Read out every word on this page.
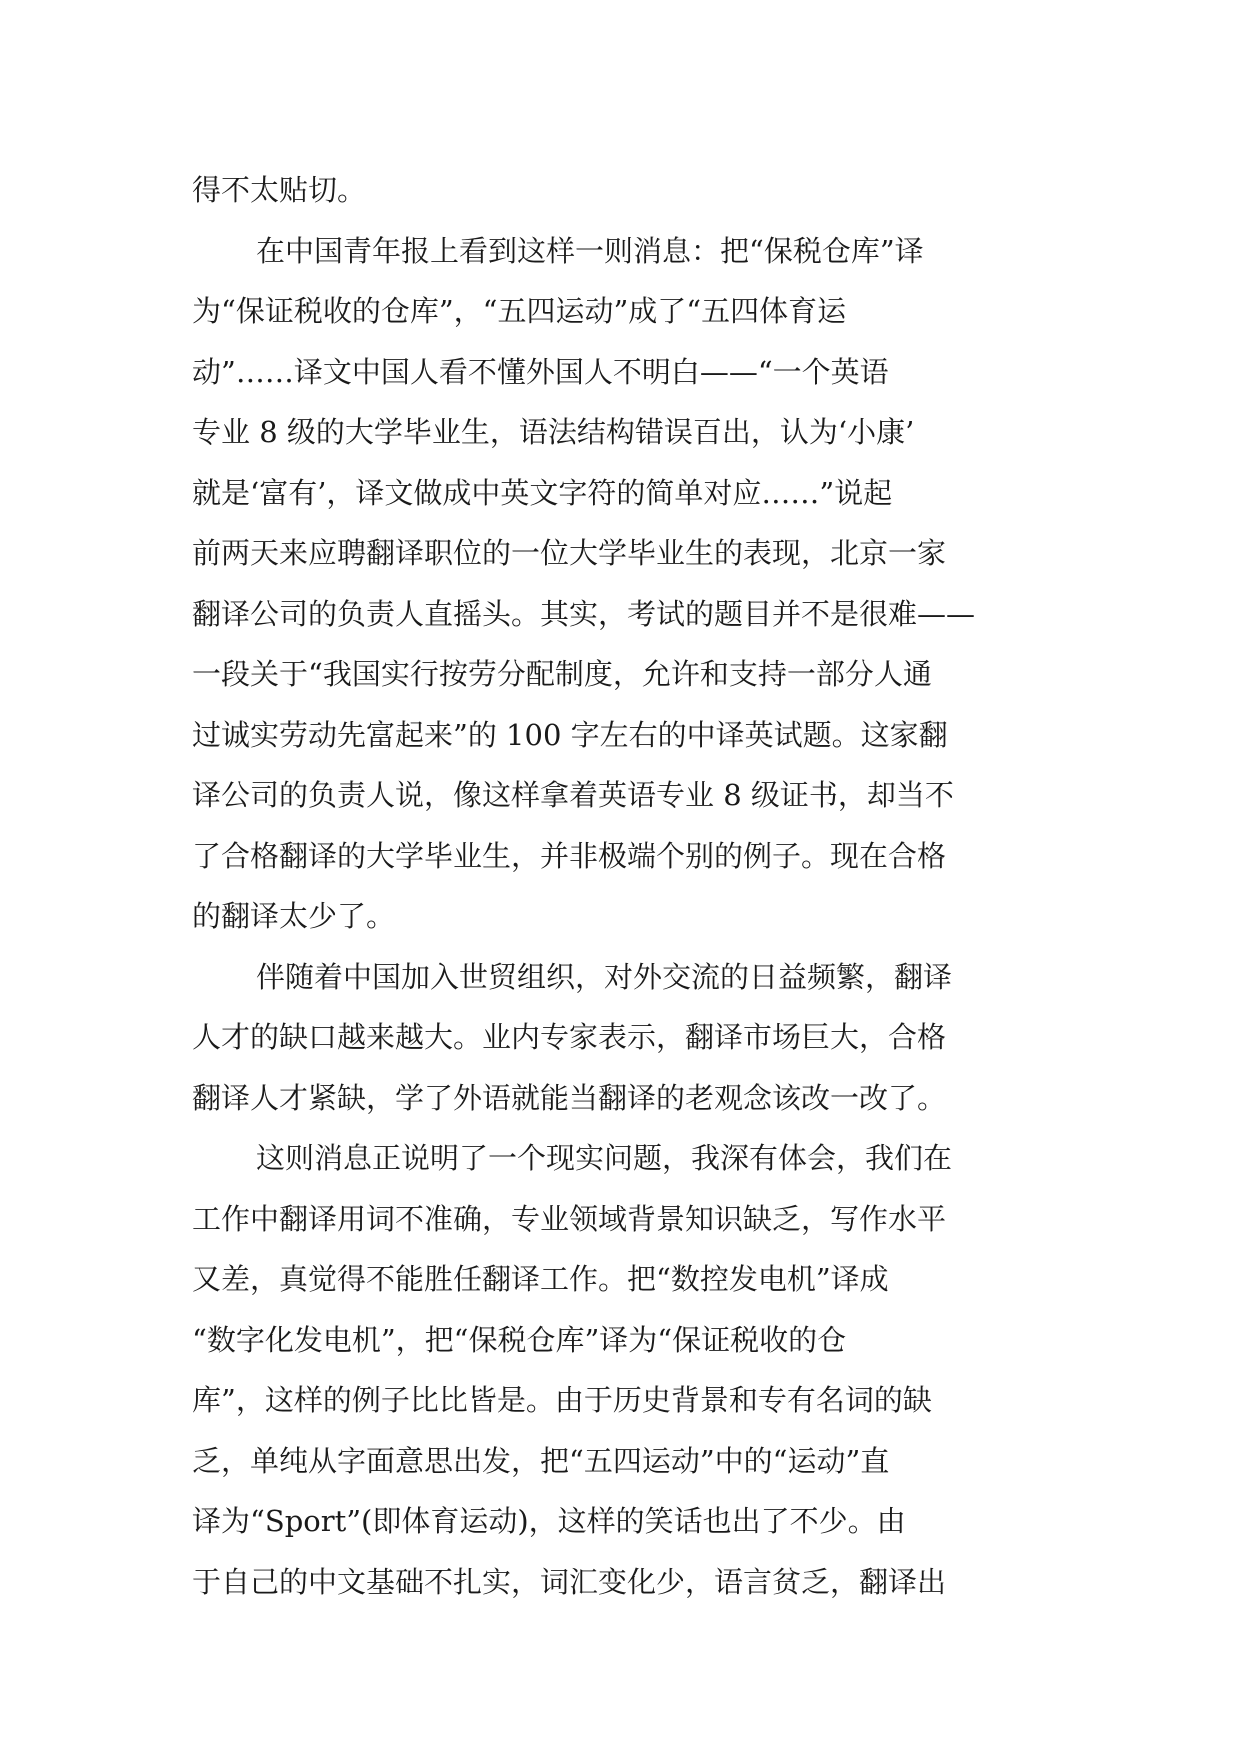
得不太贴切。
在中国青年报上看到这样一则消息：把“保税仓库”译
为“保证税收的仓库”，“五四运动”成了“五四体育运
动”……译文中国人看不懂外国人不明白——“一个英语
专业 8 级的大学毕业生，语法结构错误百出，认为‘小康’
就是‘富有’，译文做成中英文字符的简单对应……”说起
前两天来应聘翻译职位的一位大学毕业生的表现，北京一家
翻译公司的负责人直摇头。其实，考试的题目并不是很难——
一段关于“我国实行按劳分配制度，允许和支持一部分人通
过诚实劳动先富起来”的 100 字左右的中译英试题。这家翻
译公司的负责人说，像这样拿着英语专业 8 级证书，却当不
了合格翻译的大学毕业生，并非极端个别的例子。现在合格
的翻译太少了。
伴随着中国加入世贸组织，对外交流的日益频繁，翻译
人才的缺口越来越大。业内专家表示，翻译市场巨大，合格
翻译人才紧缺，学了外语就能当翻译的老观念该改一改了。
这则消息正说明了一个现实问题，我深有体会，我们在
工作中翻译用词不准确，专业领域背景知识缺乏，写作水平
又差，真觉得不能胜任翻译工作。把“数控发电机”译成
“数字化发电机”，把“保税仓库”译为“保证税收的仓
库”，这样的例子比比皆是。由于历史背景和专有名词的缺
乏，单纯从字面意思出发，把“五四运动”中的“运动”直
译为“Sport”(即体育运动)，这样的笑话也出了不少。由
于自己的中文基础不扎实，词汇变化少，语言贫乏，翻译出
